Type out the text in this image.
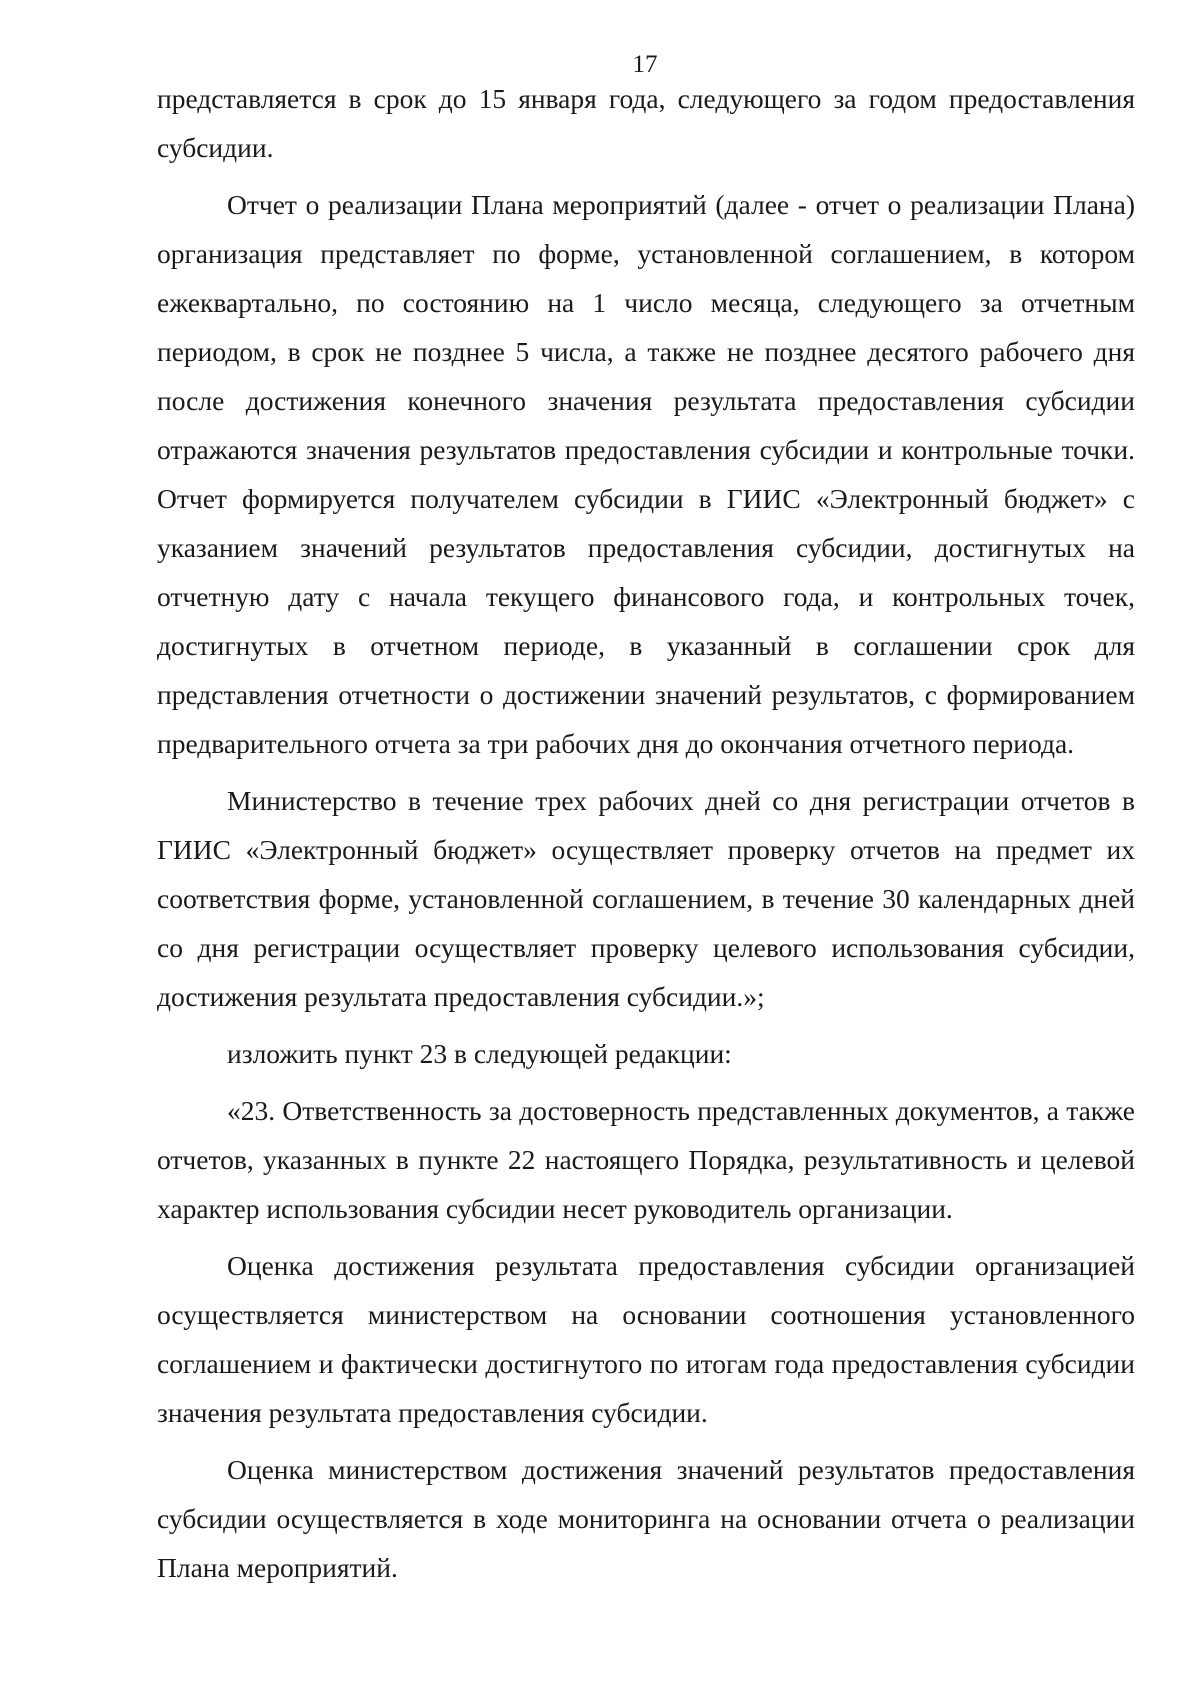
17

представляется в срок до 15 января года, следующего за годом предоставления субсидии.

Отчет о реализации Плана мероприятий (далее - отчет о реализации Плана) организация представляет по форме, установленной соглашением, в котором ежеквартально, по состоянию на 1 число месяца, следующего за отчетным периодом, в срок не позднее 5 числа, а также не позднее десятого рабочего дня после достижения конечного значения результата предоставления субсидии отражаются значения результатов предоставления субсидии и контрольные точки. Отчет формируется получателем субсидии в ГИИС «Электронный бюджет» с указанием значений результатов предоставления субсидии, достигнутых на отчетную дату с начала текущего финансового года, и контрольных точек, достигнутых в отчетном периоде, в указанный в соглашении срок для представления отчетности о достижении значений результатов, с формированием предварительного отчета за три рабочих дня до окончания отчетного периода.

Министерство в течение трех рабочих дней со дня регистрации отчетов в ГИИС «Электронный бюджет» осуществляет проверку отчетов на предмет их соответствия форме, установленной соглашением, в течение 30 календарных дней со дня регистрации осуществляет проверку целевого использования субсидии, достижения результата предоставления субсидии.»;

изложить пункт 23 в следующей редакции:

«23. Ответственность за достоверность представленных документов, а также отчетов, указанных в пункте 22 настоящего Порядка, результативность и целевой характер использования субсидии несет руководитель организации.

Оценка достижения результата предоставления субсидии организацией осуществляется министерством на основании соотношения установленного соглашением и фактически достигнутого по итогам года предоставления субсидии значения результата предоставления субсидии.

Оценка министерством достижения значений результатов предоставления субсидии осуществляется в ходе мониторинга на основании отчета о реализации Плана мероприятий.
